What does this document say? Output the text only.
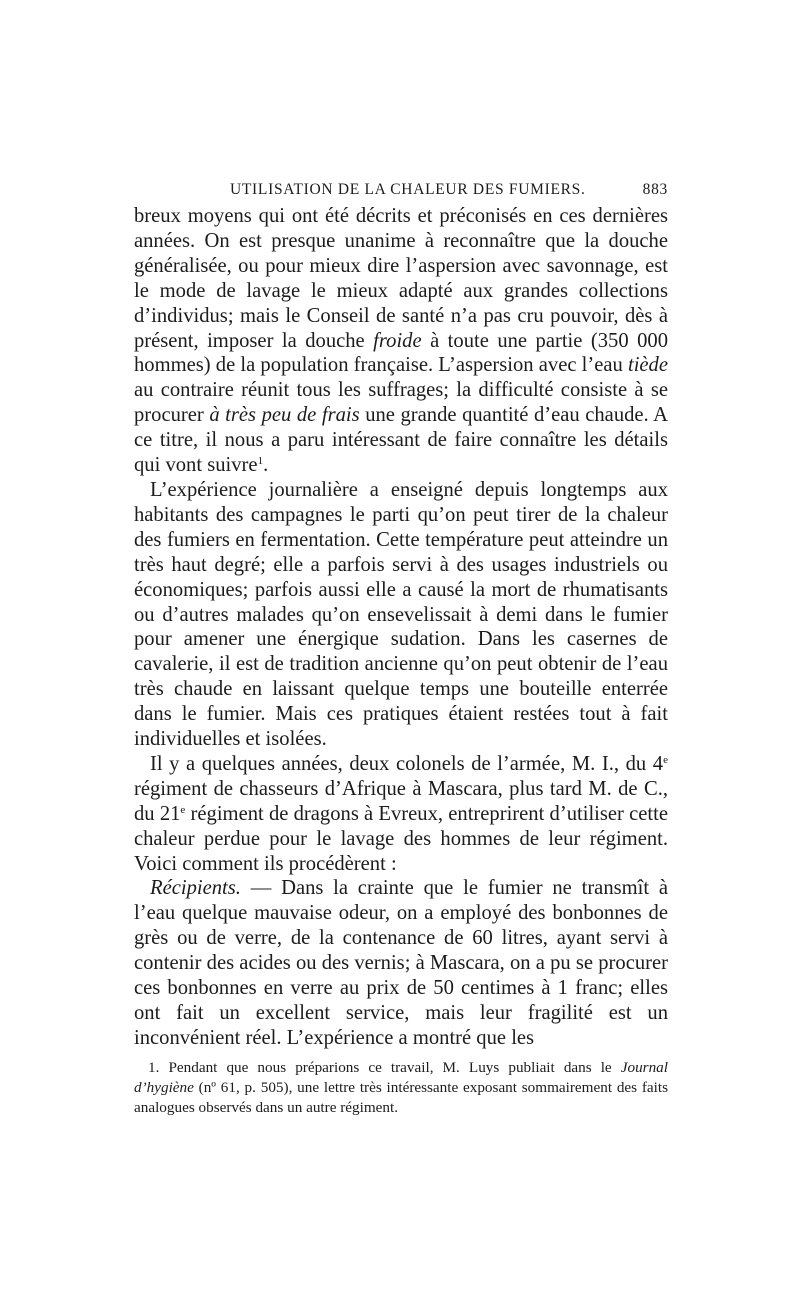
UTILISATION DE LA CHALEUR DES FUMIERS.	883

breux moyens qui ont été décrits et préconisés en ces dernières années. On est presque unanime à reconnaître que la douche généralisée, ou pour mieux dire l’aspersion avec savonnage, est le mode de lavage le mieux adapté aux grandes collections d’individus; mais le Conseil de santé n’a pas cru pouvoir, dès à présent, imposer la douche froide à toute une partie (350 000 hommes) de la population française. L’aspersion avec l’eau tiède au contraire réunit tous les suffrages; la difficulté consiste à se procurer à très peu de frais une grande quantité d’eau chaude. A ce titre, il nous a paru intéressant de faire connaître les détails qui vont suivre$^1$.

L’expérience journalière a enseigné depuis longtemps aux habitants des campagnes le parti qu’on peut tirer de la chaleur des fumiers en fermentation. Cette température peut atteindre un très haut degré; elle a parfois servi à des usages industriels ou économiques; parfois aussi elle a causé la mort de rhumatisants ou d’autres malades qu’on ensevelissait à demi dans le fumier pour amener une énergique sudation. Dans les casernes de cavalerie, il est de tradition ancienne qu’on peut obtenir de l’eau très chaude en laissant quelque temps une bouteille enterrée dans le fumier. Mais ces pratiques étaient restées tout à fait individuelles et isolées.

Il y a quelques années, deux colonels de l’armée, M. I., du 4e régiment de chasseurs d’Afrique à Mascara, plus tard M. de C., du 21e régiment de dragons à Evreux, entreprirent d’utiliser cette chaleur perdue pour le lavage des hommes de leur régiment. Voici comment ils procédèrent :

Récipients. — Dans la crainte que le fumier ne transmît à l’eau quelque mauvaise odeur, on a employé des bonbonnes de grès ou de verre, de la contenance de 60 litres, ayant servi à contenir des acides ou des vernis; à Mascara, on a pu se procurer ces bonbonnes en verre au prix de 50 centimes à 1 franc; elles ont fait un excellent service, mais leur fragilité est un inconvénient réel. L’expérience a montré que les

1. Pendant que nous préparions ce travail, M. Luys publiait dans le Journal d’hygiène (nº 61, p. 505), une lettre très intéressante exposant sommairement des faits analogues observés dans un autre régiment.
